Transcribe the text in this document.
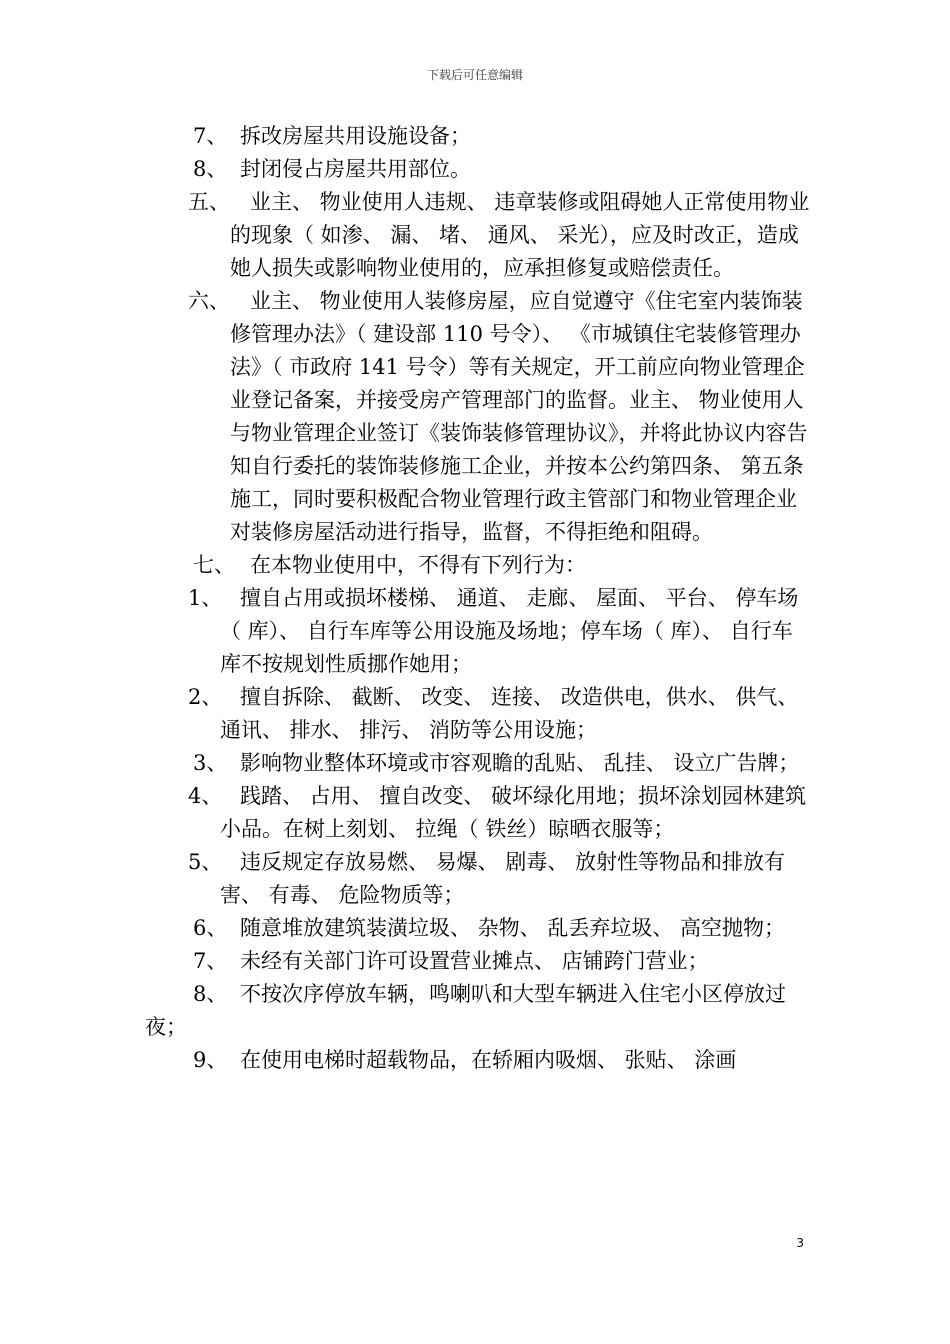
下载后可任意编辑
7、 拆改房屋共用设施设备；
8、 封闭侵占房屋共用部位。
五、 业主、 物业使用人违规、 违章装修或阻碍她人正常使用物业的现象（ 如渗、 漏、 堵、 通风、 采光），应及时改正，造成她人损失或影响物业使用的，应承担修复或赔偿责任。
六、 业主、 物业使用人装修房屋，应自觉遵守《住宅室内装饰装修管理办法》（ 建设部 110 号令）、 《市城镇住宅装修管理办法》（ 市政府 141 号令）等有关规定，开工前应向物业管理企业登记备案，并接受房产管理部门的监督。业主、 物业使用人与物业管理企业签订《装饰装修管理协议》，并将此协议内容告知自行委托的装饰装修施工企业，并按本公约第四条、 第五条施工，同时要积极配合物业管理行政主管部门和物业管理企业对装修房屋活动进行指导，监督，不得拒绝和阻碍。
七、 在本物业使用中，不得有下列行为：
1、 擅自占用或损坏楼梯、 通道、 走廊、 屋面、 平台、 停车场（ 库）、 自行车库等公用设施及场地；停车场（ 库）、 自行车库不按规划性质挪作她用；
2、 擅自拆除、 截断、 改变、 连接、 改造供电，供水、 供气、 通讯、 排水、 排污、 消防等公用设施；
3、 影响物业整体环境或市容观瞻的乱贴、 乱挂、 设立广告牌；
4、 践踏、 占用、 擅自改变、 破坏绿化用地；损坏涂划园林建筑小品。在树上刻划、 拉绳（ 铁丝）晾晒衣服等；
5、 违反规定存放易燃、 易爆、 剧毒、 放射性等物品和排放有害、 有毒、 危险物质等；
6、 随意堆放建筑装潢垃圾、 杂物、 乱丢弃垃圾、 高空抛物；
7、 未经有关部门许可设置营业摊点、 店铺跨门营业；
8、 不按次序停放车辆，鸣喇叭和大型车辆进入住宅小区停放过夜；
9、 在使用电梯时超载物品，在轿厢内吸烟、 张贴、 涂画
3
